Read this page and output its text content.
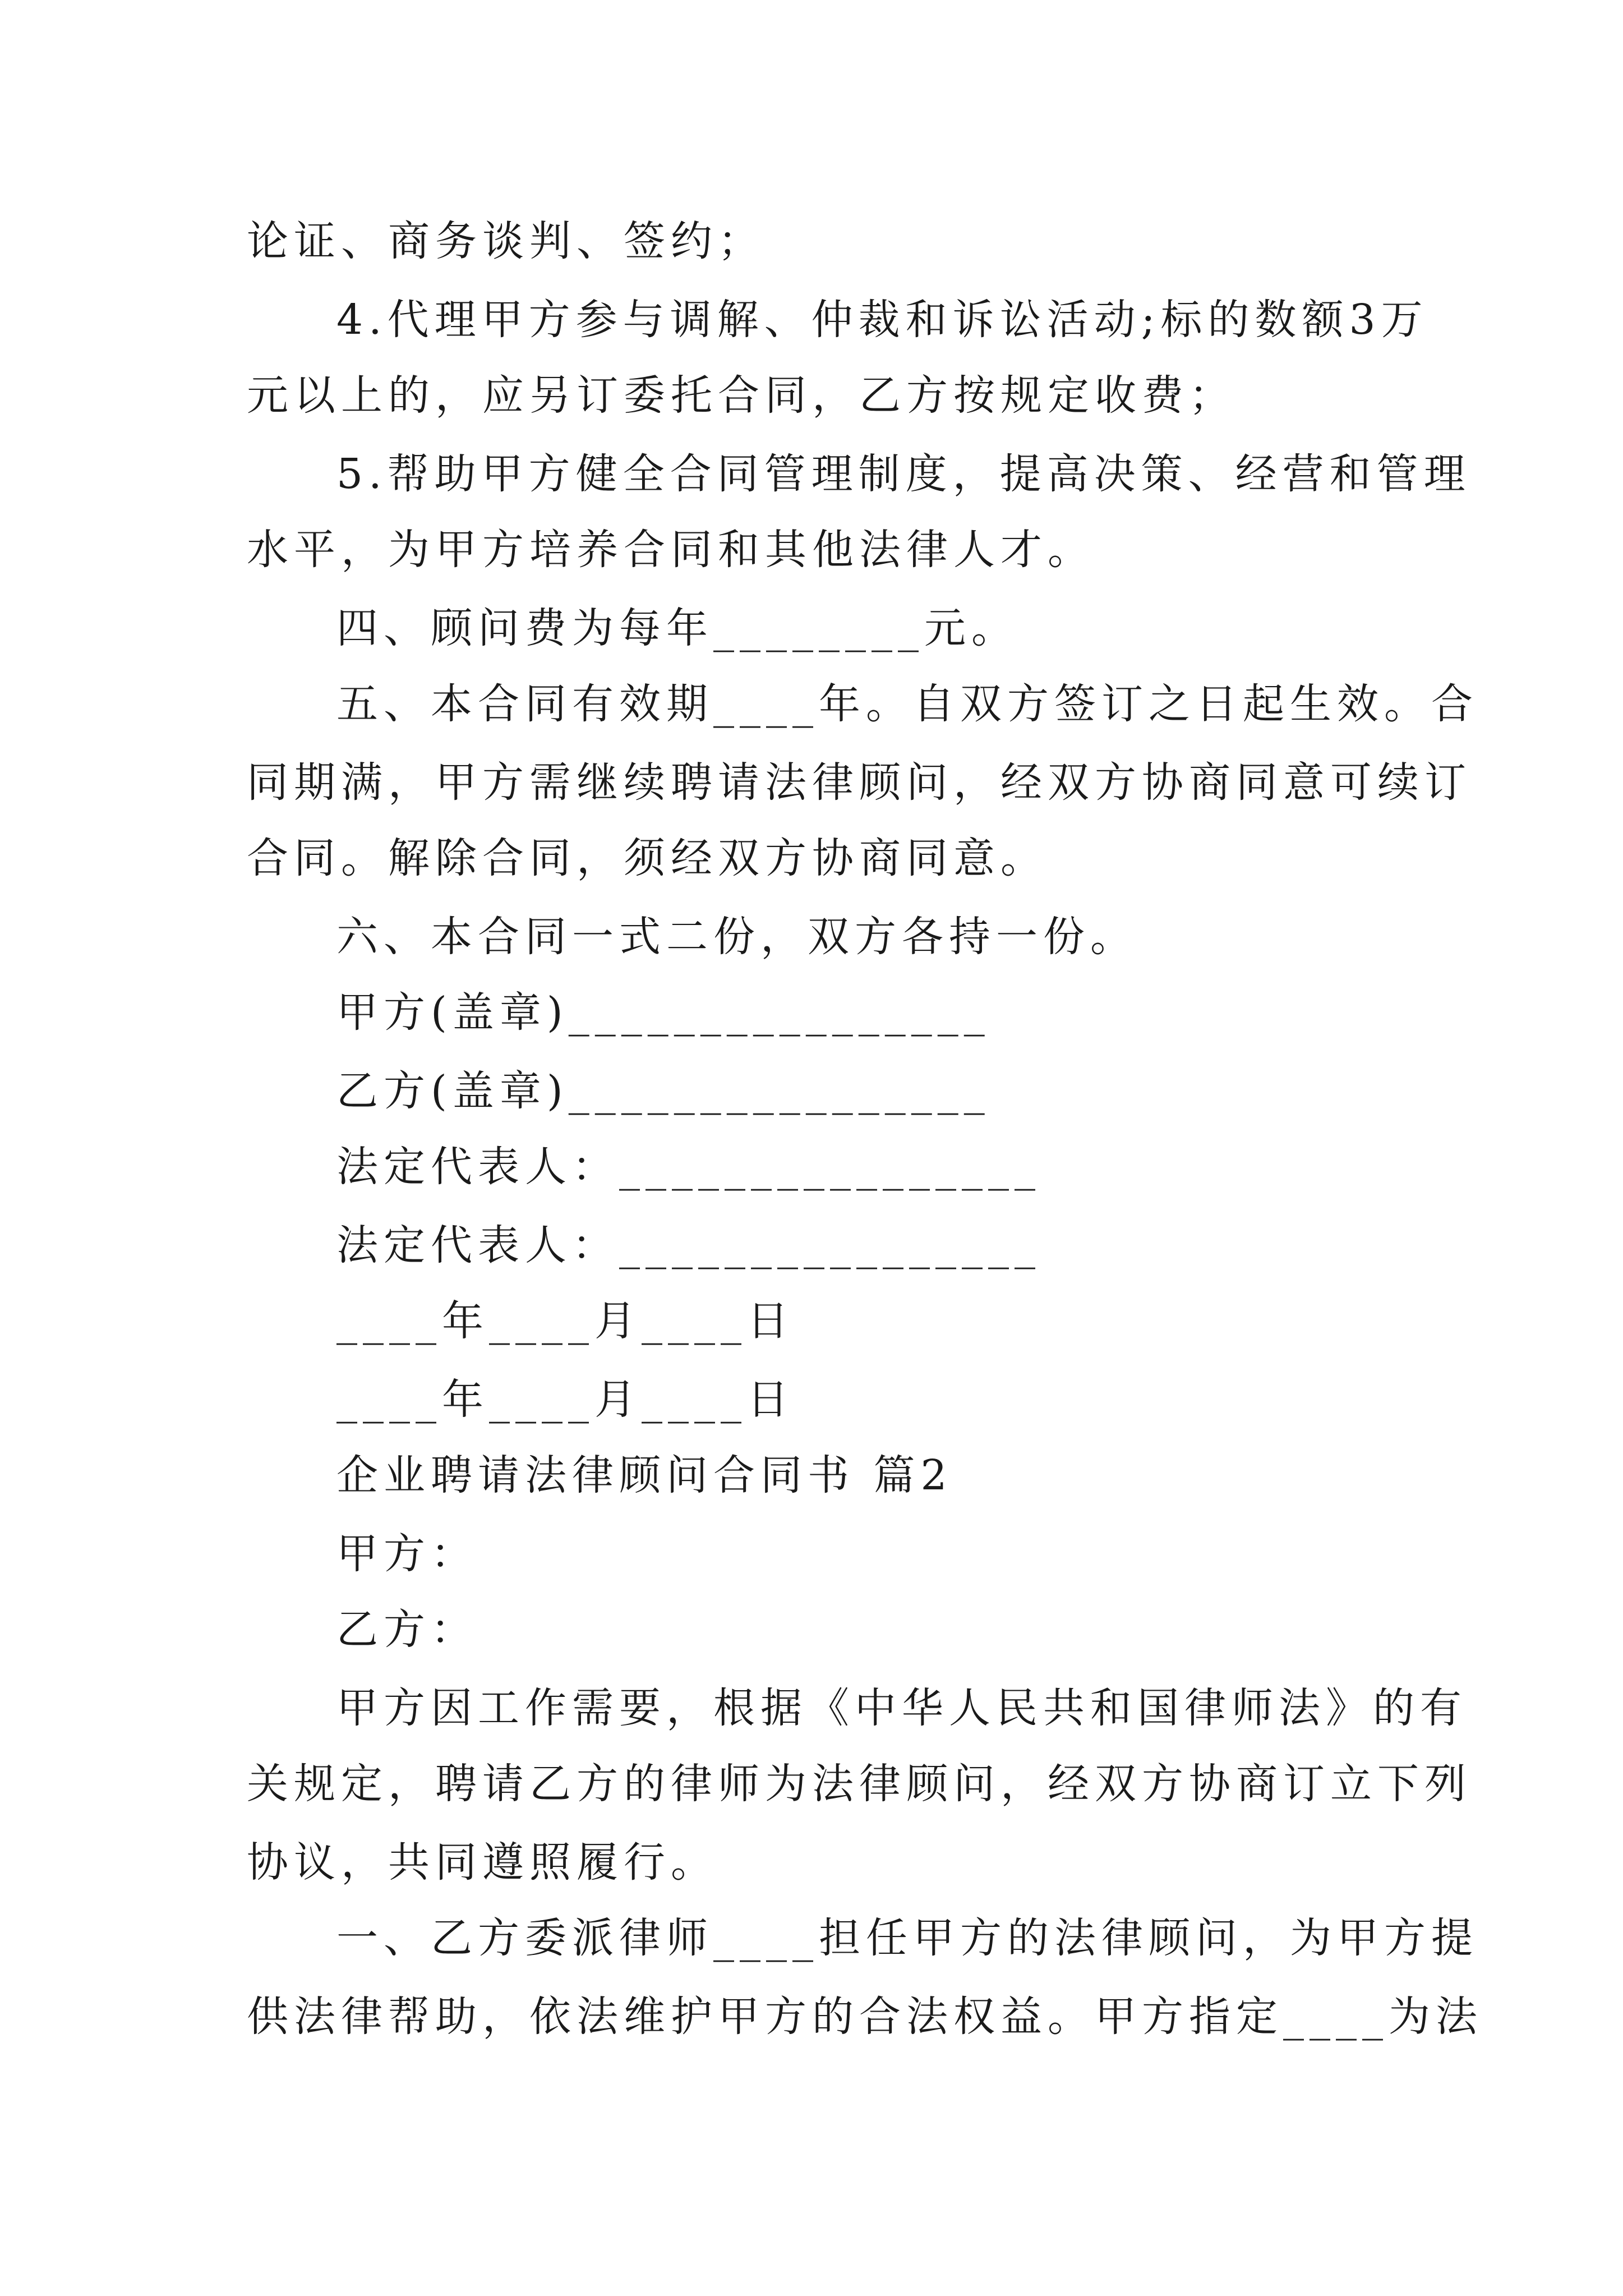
论证、商务谈判、签约；
4.代理甲方参与调解、仲裁和诉讼活动;标的数额3万
元以上的，应另订委托合同，乙方按规定收费；
5.帮助甲方健全合同管理制度，提高决策、经营和管理
水平，为甲方培养合同和其他法律人才。
四、顾问费为每年________元。
五、本合同有效期____年。自双方签订之日起生效。合
同期满，甲方需继续聘请法律顾问，经双方协商同意可续订
合同。解除合同，须经双方协商同意。
六、本合同一式二份，双方各持一份。
甲方(盖章)________________
乙方(盖章)________________
法定代表人：________________
法定代表人：________________
____年____月____日
____年____月____日
企业聘请法律顾问合同书 篇2
甲方：
乙方：
甲方因工作需要，根据《中华人民共和国律师法》的有
关规定，聘请乙方的律师为法律顾问，经双方协商订立下列
协议，共同遵照履行。
一、乙方委派律师____担任甲方的法律顾问，为甲方提
供法律帮助，依法维护甲方的合法权益。甲方指定____为法
